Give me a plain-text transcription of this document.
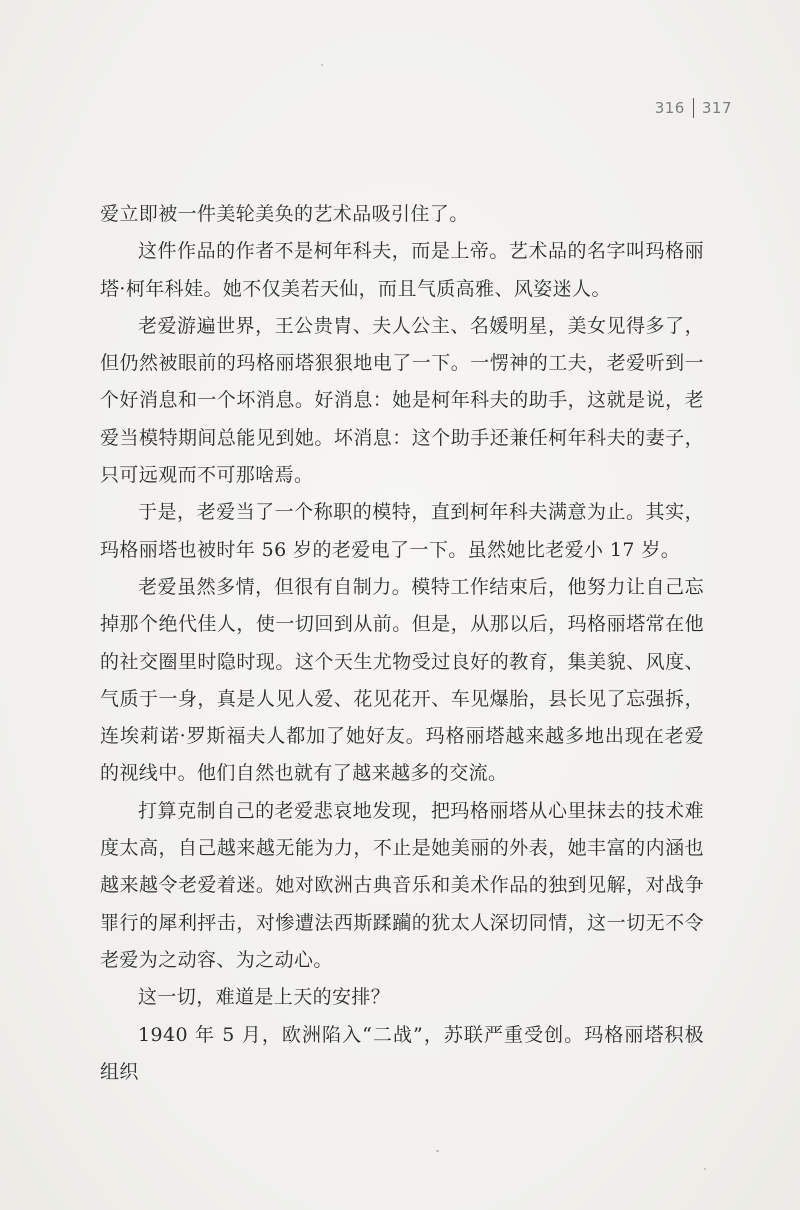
316 317

爱立即被一件美轮美奂的艺术品吸引住了。

这件作品的作者不是柯年科夫，而是上帝。艺术品的名字叫玛格丽塔·柯年科娃。她不仅美若天仙，而且气质高雅、风姿迷人。

老爱游遍世界，王公贵胄、夫人公主、名媛明星，美女见得多了，但仍然被眼前的玛格丽塔狠狠地电了一下。一愣神的工夫，老爱听到一个好消息和一个坏消息。好消息：她是柯年科夫的助手，这就是说，老爱当模特期间总能见到她。坏消息：这个助手还兼任柯年科夫的妻子，只可远观而不可那啥焉。

于是，老爱当了一个称职的模特，直到柯年科夫满意为止。其实，玛格丽塔也被时年 56 岁的老爱电了一下。虽然她比老爱小 17 岁。

老爱虽然多情，但很有自制力。模特工作结束后，他努力让自己忘掉那个绝代佳人，使一切回到从前。但是，从那以后，玛格丽塔常在他的社交圈里时隐时现。这个天生尤物受过良好的教育，集美貌、风度、气质于一身，真是人见人爱、花见花开、车见爆胎，县长见了忘强拆，连埃莉诺·罗斯福夫人都加了她好友。玛格丽塔越来越多地出现在老爱的视线中。他们自然也就有了越来越多的交流。

打算克制自己的老爱悲哀地发现，把玛格丽塔从心里抹去的技术难度太高，自己越来越无能为力，不止是她美丽的外表，她丰富的内涵也越来越令老爱着迷。她对欧洲古典音乐和美术作品的独到见解，对战争罪行的犀利抨击，对惨遭法西斯蹂躏的犹太人深切同情，这一切无不令老爱为之动容、为之动心。

这一切，难道是上天的安排？

1940 年 5 月，欧洲陷入“二战”，苏联严重受创。玛格丽塔积极组织
